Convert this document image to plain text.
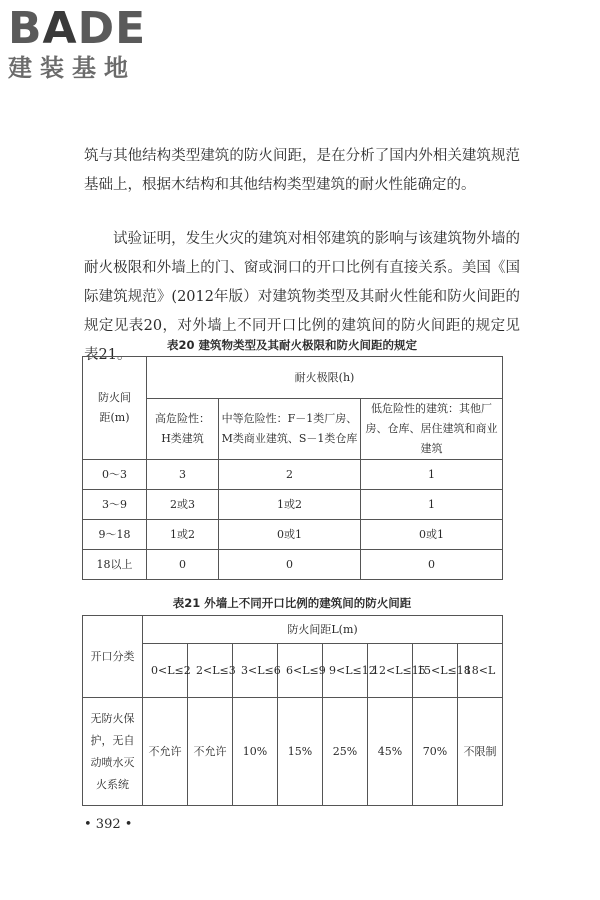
BADE
建装基地

筑与其他结构类型建筑的防火间距，是在分析了国内外相关建筑规范基础上，根据木结构和其他结构类型建筑的耐火性能确定的。

试验证明，发生火灾的建筑对相邻建筑的影响与该建筑物外墙的耐火极限和外墙上的门、窗或洞口的开口比例有直接关系。美国《国际建筑规范》(2012年版）对建筑物类型及其耐火性能和防火间距的规定见表20，对外墙上不同开口比例的建筑间的防火间距的规定见表21。

表20 建筑物类型及其耐火极限和防火间距的规定
防火间距(m)	耐火极限(h)		
	高危险性：H类建筑	中等危险性：F－1类厂房、M类商业建筑、S－1类仓库	低危险性的建筑：其他厂房、仓库、居住建筑和商业建筑
0～3	3	2	1
3～9	2或3	1或2	1
9～18	1或2	0或1	0或1
18以上	0	0	0
表21 外墙上不同开口比例的建筑间的防火间距
开口分类	防火间距L(m)							
	0<L≤2	2<L≤3	3<L≤6	6<L≤9	9<L≤12	12<L≤15	15<L≤18	18<L
无防火保护，无自动喷水灭火系统	不允许	不允许	10%	15%	25%	45%	70%	不限制
• 392 •
